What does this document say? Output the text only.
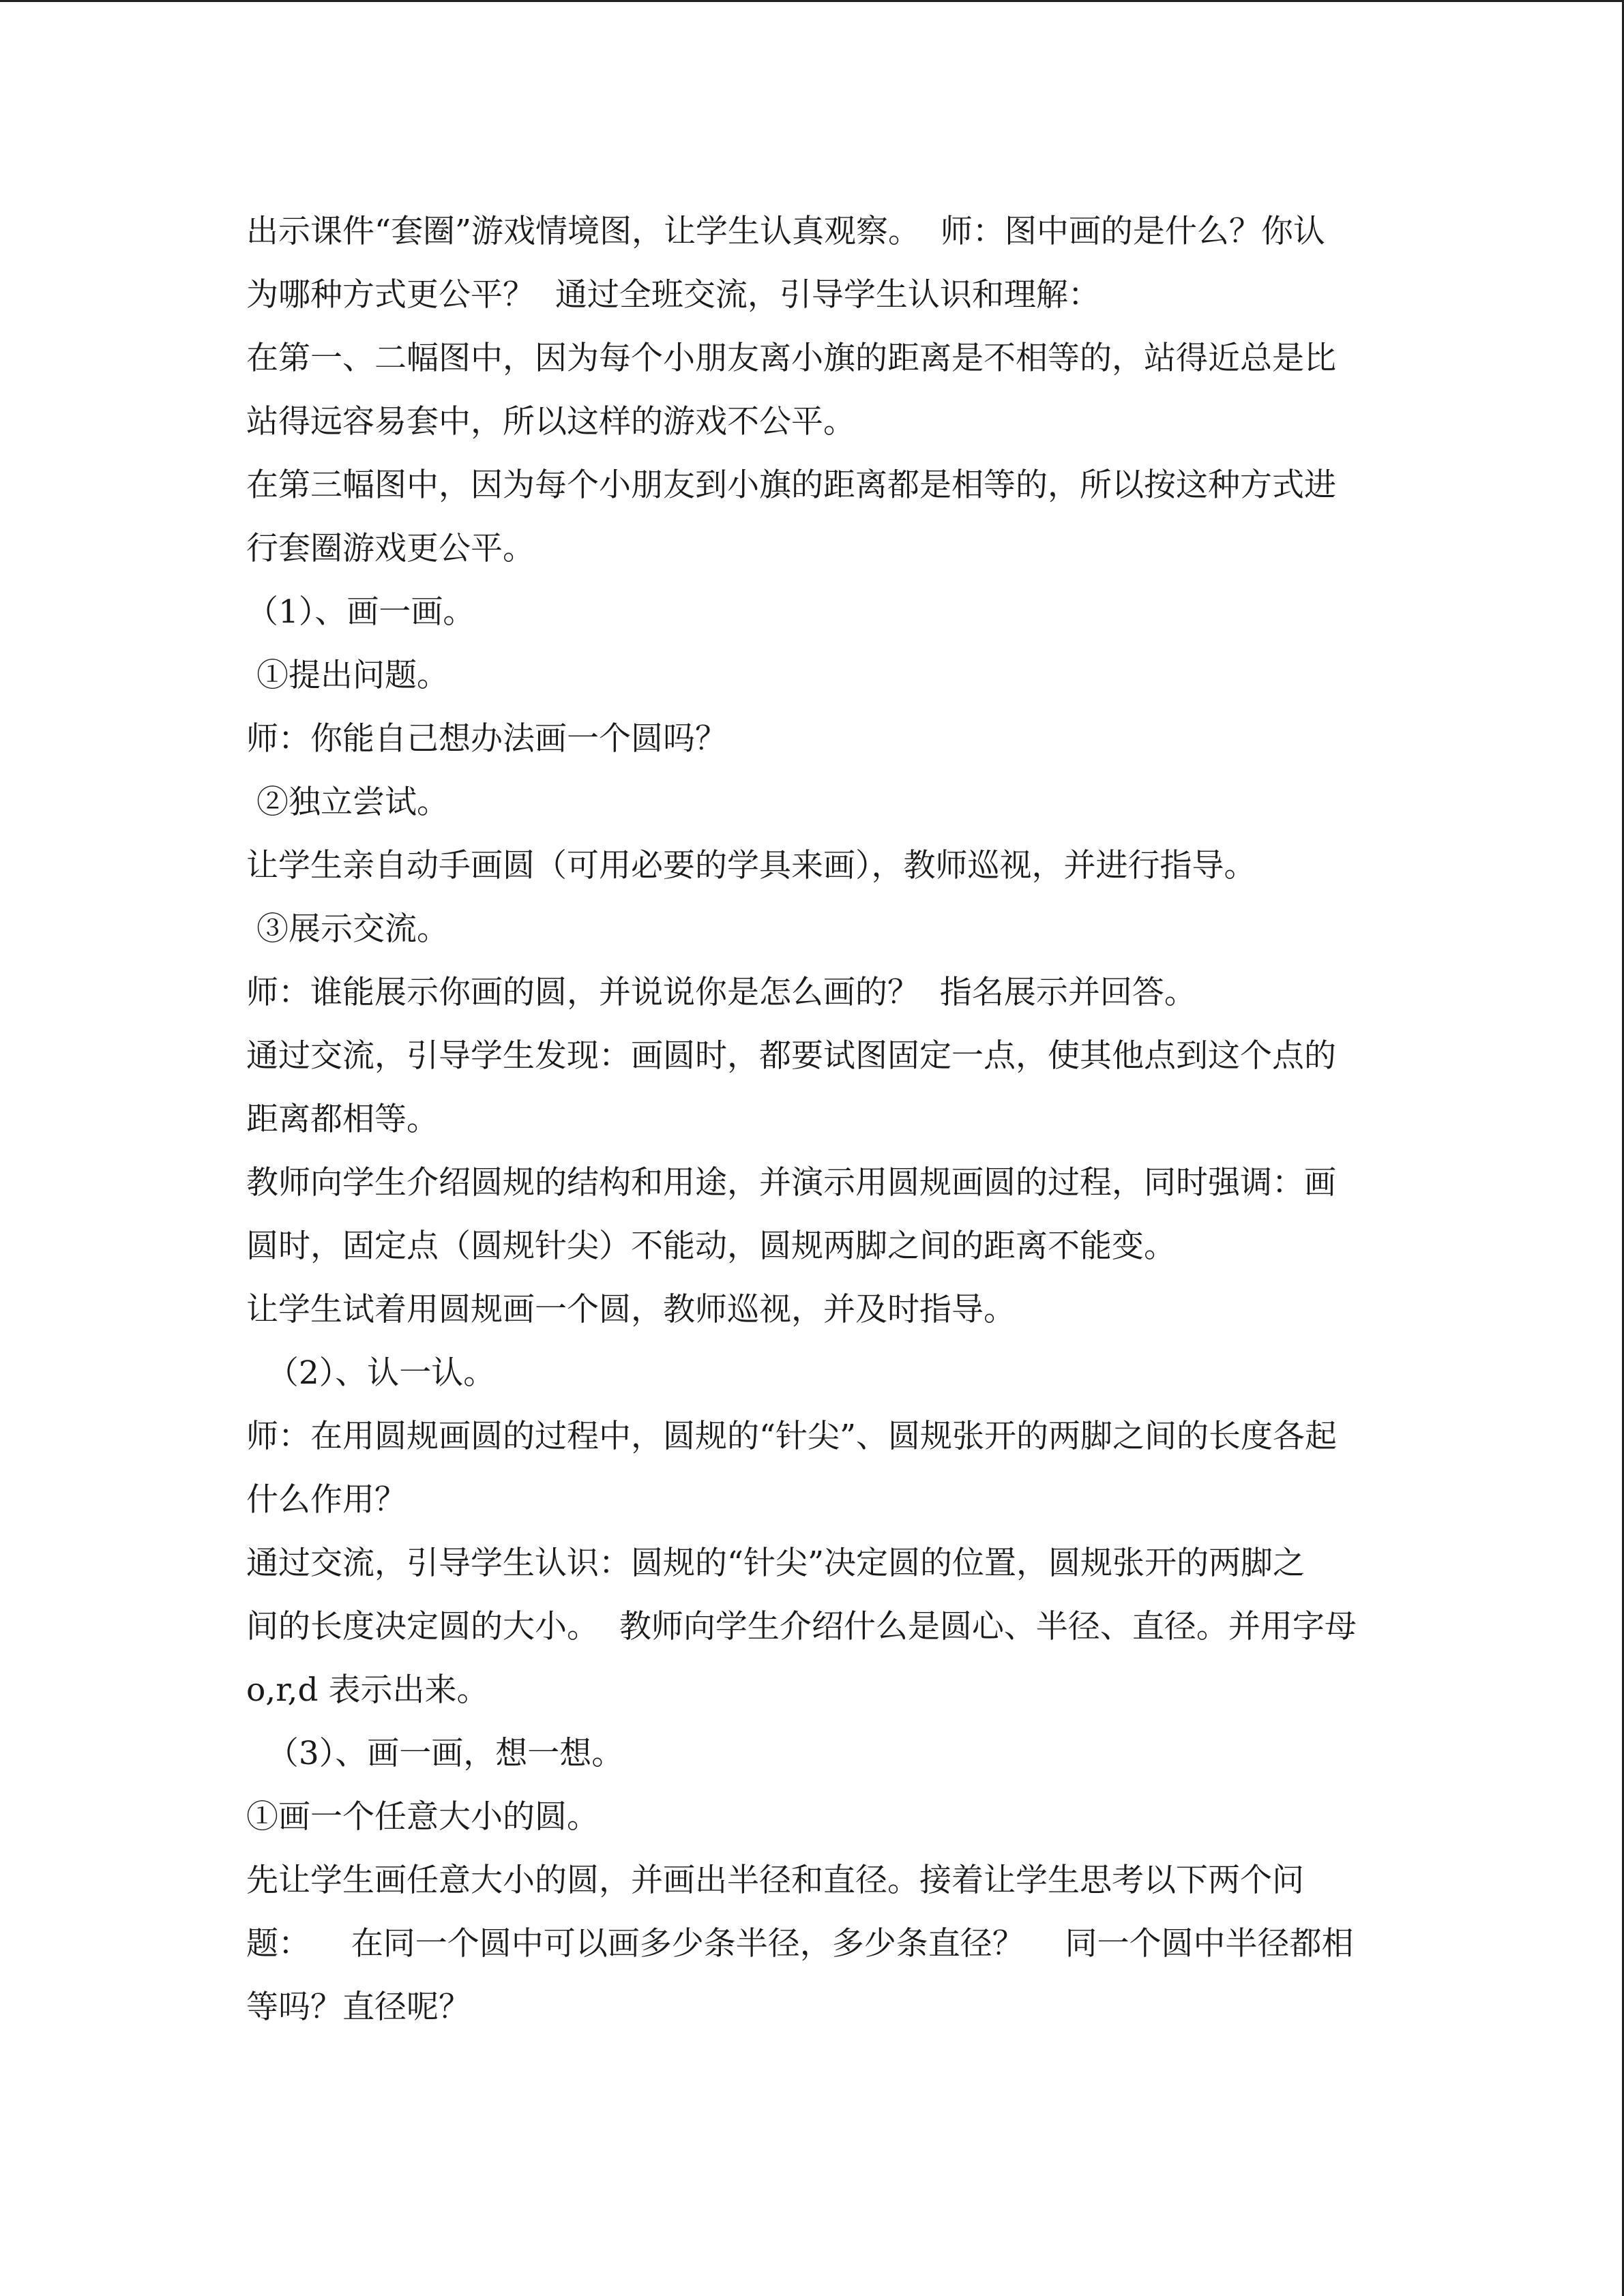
出示课件“套圈”游戏情境图，让学生认真观察。  师：图中画的是什么？你认
为哪种方式更公平？  通过全班交流，引导学生认识和理解：
在第一、二幅图中，因为每个小朋友离小旗的距离是不相等的，站得近总是比
站得远容易套中，所以这样的游戏不公平。
在第三幅图中，因为每个小朋友到小旗的距离都是相等的，所以按这种方式进
行套圈游戏更公平。
（1）、画一画。
①提出问题。
师：你能自己想办法画一个圆吗？
②独立尝试。
让学生亲自动手画圆（可用必要的学具来画），教师巡视，并进行指导。
③展示交流。
师：谁能展示你画的圆，并说说你是怎么画的？  指名展示并回答。
通过交流，引导学生发现：画圆时，都要试图固定一点，使其他点到这个点的
距离都相等。
教师向学生介绍圆规的结构和用途，并演示用圆规画圆的过程，同时强调：画
圆时，固定点（圆规针尖）不能动，圆规两脚之间的距离不能变。
让学生试着用圆规画一个圆，教师巡视，并及时指导。
（2）、认一认。
师：在用圆规画圆的过程中，圆规的“针尖”、圆规张开的两脚之间的长度各起
什么作用？
通过交流，引导学生认识：圆规的“针尖”决定圆的位置，圆规张开的两脚之
间的长度决定圆的大小。  教师向学生介绍什么是圆心、半径、直径。并用字母
o,r,d 表示出来。
（3）、画一画，想一想。
①画一个任意大小的圆。
先让学生画任意大小的圆，并画出半径和直径。接着让学生思考以下两个问
题：    在同一个圆中可以画多少条半径，多少条直径？    同一个圆中半径都相
等吗？直径呢？
